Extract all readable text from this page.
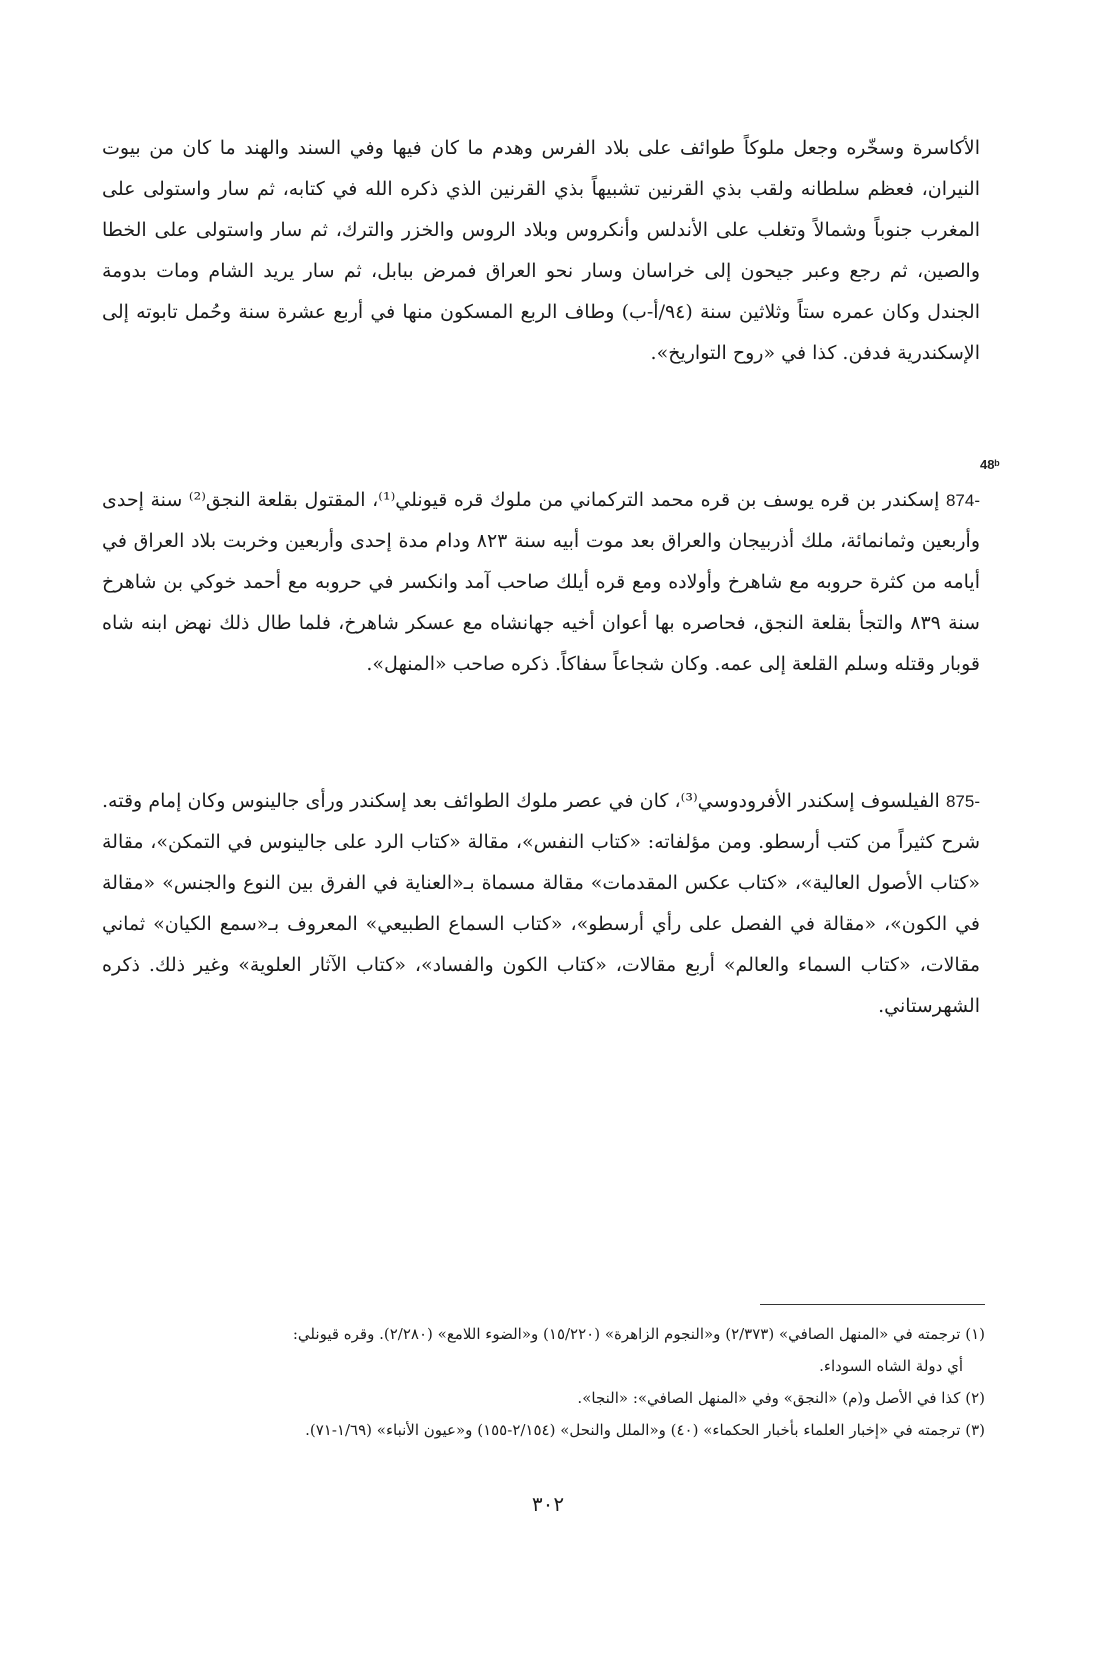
الأكاسرة وسخّره وجعل ملوكاً طوائف على بلاد الفرس وهدم ما كان فيها وفي السند والهند ما كان من بيوت النيران، فعظم سلطانه ولقب بذي القرنين تشبيهاً بذي القرنين الذي ذكره الله في كتابه، ثم سار واستولى على المغرب جنوباً وشمالاً وتغلب على الأندلس وأنكروس وبلاد الروس والخزر والترك، ثم سار واستولى على الخطا والصين، ثم رجع وعبر جيحون إلى خراسان وسار نحو العراق فمرض ببابل، ثم سار يريد الشام ومات بدومة الجندل وكان عمره ستاً وثلاثين سنة (٩٤/أ-ب) وطاف الربع المسكون منها في أربع عشرة سنة وحُمل تابوته إلى الإسكندرية فدفن. كذا في «روح التواريخ».

48ᵇ

874- إسكندر بن قره يوسف بن قره محمد التركماني من ملوك قره قيونلي⁽¹⁾، المقتول بقلعة النجق⁽²⁾ سنة إحدى وأربعين وثمانمائة، ملك أذربيجان والعراق بعد موت أبيه سنة ٨٢٣ ودام مدة إحدى وأربعين وخربت بلاد العراق في أيامه من كثرة حروبه مع شاهرخ وأولاده ومع قره أيلك صاحب آمد وانكسر في حروبه مع أحمد خوكي بن شاهرخ سنة ٨٣٩ والتجأ بقلعة النجق، فحاصره بها أعوان أخيه جهانشاه مع عسكر شاهرخ، فلما طال ذلك نهض ابنه شاه قوبار وقتله وسلم القلعة إلى عمه. وكان شجاعاً سفاكاً. ذكره صاحب «المنهل».

875- الفيلسوف إسكندر الأفرودوسي⁽³⁾، كان في عصر ملوك الطوائف بعد إسكندر ورأى جالينوس وكان إمام وقته. شرح كثيراً من كتب أرسطو. ومن مؤلفاته: «كتاب النفس»، مقالة «كتاب الرد على جالينوس في التمكن»، مقالة «كتاب الأصول العالية»، «كتاب عكس المقدمات» مقالة مسماة بـ«العناية في الفرق بين النوع والجنس» «مقالة في الكون»، «مقالة في الفصل على رأي أرسطو»، «كتاب السماع الطبيعي» المعروف بـ«سمع الكيان» ثماني مقالات، «كتاب السماء والعالم» أربع مقالات، «كتاب الكون والفساد»، «كتاب الآثار العلوية» وغير ذلك. ذكره الشهرستاني.

(١) ترجمته في «المنهل الصافي» (٢/٣٧٣) و«النجوم الزاهرة» (١٥/٢٢٠) و«الضوء اللامع» (٢/٢٨٠). وقره قيونلي:

أي دولة الشاه السوداء.

(٢) كذا في الأصل و(م) «النجق» وفي «المنهل الصافي»: «النجا».

(٣) ترجمته في «إخبار العلماء بأخبار الحكماء» (٤٠) و«الملل والنحل» (٢/١٥٤-١٥٥) و«عيون الأنباء» (١/٦٩-٧١).

٣٠٢
